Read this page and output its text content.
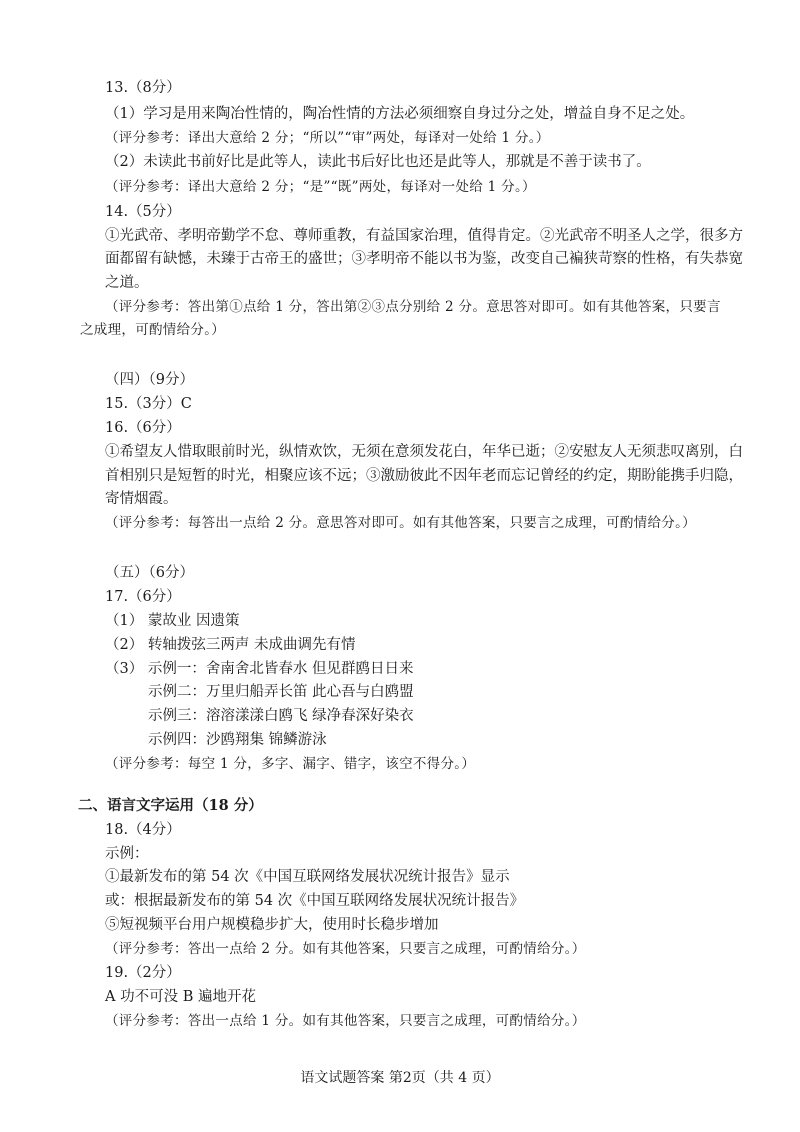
13.（8分）
（1）学习是用来陶冶性情的，陶冶性情的方法必须细察自身过分之处，增益自身不足之处。
（评分参考：译出大意给 2 分；“所以”“审”两处，每译对一处给 1 分。）
（2）未读此书前好比是此等人，读此书后好比也还是此等人，那就是不善于读书了。
（评分参考：译出大意给 2 分；“是”“既”两处，每译对一处给 1 分。）
14.（5分）
①光武帝、孝明帝勤学不怠、尊师重教，有益国家治理，值得肯定。②光武帝不明圣人之学，很多方
面都留有缺憾，未臻于古帝王的盛世；③孝明帝不能以书为鉴，改变自己褊狭苛察的性格，有失恭宽
之道。
（评分参考：答出第①点给 1 分，答出第②③点分别给 2 分。意思答对即可。如有其他答案，只要言
之成理，可酌情给分。）
（四）（9分）
15.（3分）C
16.（6分）
①希望友人惜取眼前时光，纵情欢饮，无须在意须发花白，年华已逝；②安慰友人无须悲叹离别，白
首相别只是短暂的时光，相聚应该不远；③激励彼此不因年老而忘记曾经的约定，期盼能携手归隐，
寄情烟霞。
（评分参考：每答出一点给 2 分。意思答对即可。如有其他答案，只要言之成理，可酌情给分。）
（五）（6分）
17.（6分）
（1） 蒙故业 因遗策
（2） 转轴拨弦三两声 未成曲调先有情
（3） 示例一：舍南舍北皆春水 但见群鸥日日来
示例二：万里归船弄长笛 此心吾与白鸥盟
示例三：溶溶漾漾白鸥飞 绿净春深好染衣
示例四：沙鸥翔集 锦鳞游泳
（评分参考：每空 1 分，多字、漏字、错字，该空不得分。）
二、语言文字运用（18 分）
18.（4分）
示例：
①最新发布的第 54 次《中国互联网络发展状况统计报告》显示
或：根据最新发布的第 54 次《中国互联网络发展状况统计报告》
⑤短视频平台用户规模稳步扩大，使用时长稳步增加
（评分参考：答出一点给 2 分。如有其他答案，只要言之成理，可酌情给分。）
19.（2分）
A 功不可没 B 遍地开花
（评分参考：答出一点给 1 分。如有其他答案，只要言之成理，可酌情给分。）
语文试题答案 第2页（共 4 页）
